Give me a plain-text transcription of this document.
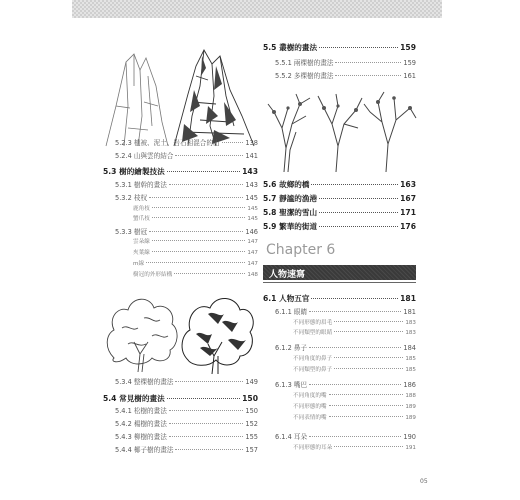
5.2.3 植被、泥土、岩石相混合的山	138
5.2.4 山與雲的結合	141
5.3 樹的繪製技法	143
5.3.1 樹幹的畫法	143
5.3.2 枝杈	145
鹿角枝	145
蟹爪枝	145
5.3.3 樹冠	146
雲朵線	147
夾葉線	147
m線	147
樹冠的外形結構	148
5.3.4 整棵樹的畫法	149
5.4 常見樹的畫法	150
5.4.1 松樹的畫法	150
5.4.2 楊樹的畫法	152
5.4.3 柳樹的畫法	155
5.4.4 椰子樹的畫法	157
5.5 叢樹的畫法	159
5.5.1 兩棵樹的畫法	159
5.5.2 多棵樹的畫法	161
5.6 故鄉的橋	163
5.7 靜謐的漁港	167
5.8 聖潔的雪山	171
5.9 繁華的街道	176
6.1 人物五官	181
6.1.1 眼睛	181
不同形態的眉毛	183
不同類型的眼睛	183
6.1.2 鼻子	184
不同角度的鼻子	185
不同類型的鼻子	185
6.1.3 嘴巴	186
不同角度的嘴	188
不同形態的嘴	189
不同表情的嘴	189
6.1.4 耳朵	190
不同形態的耳朵	191
Chapter 6
人物速寫
05
